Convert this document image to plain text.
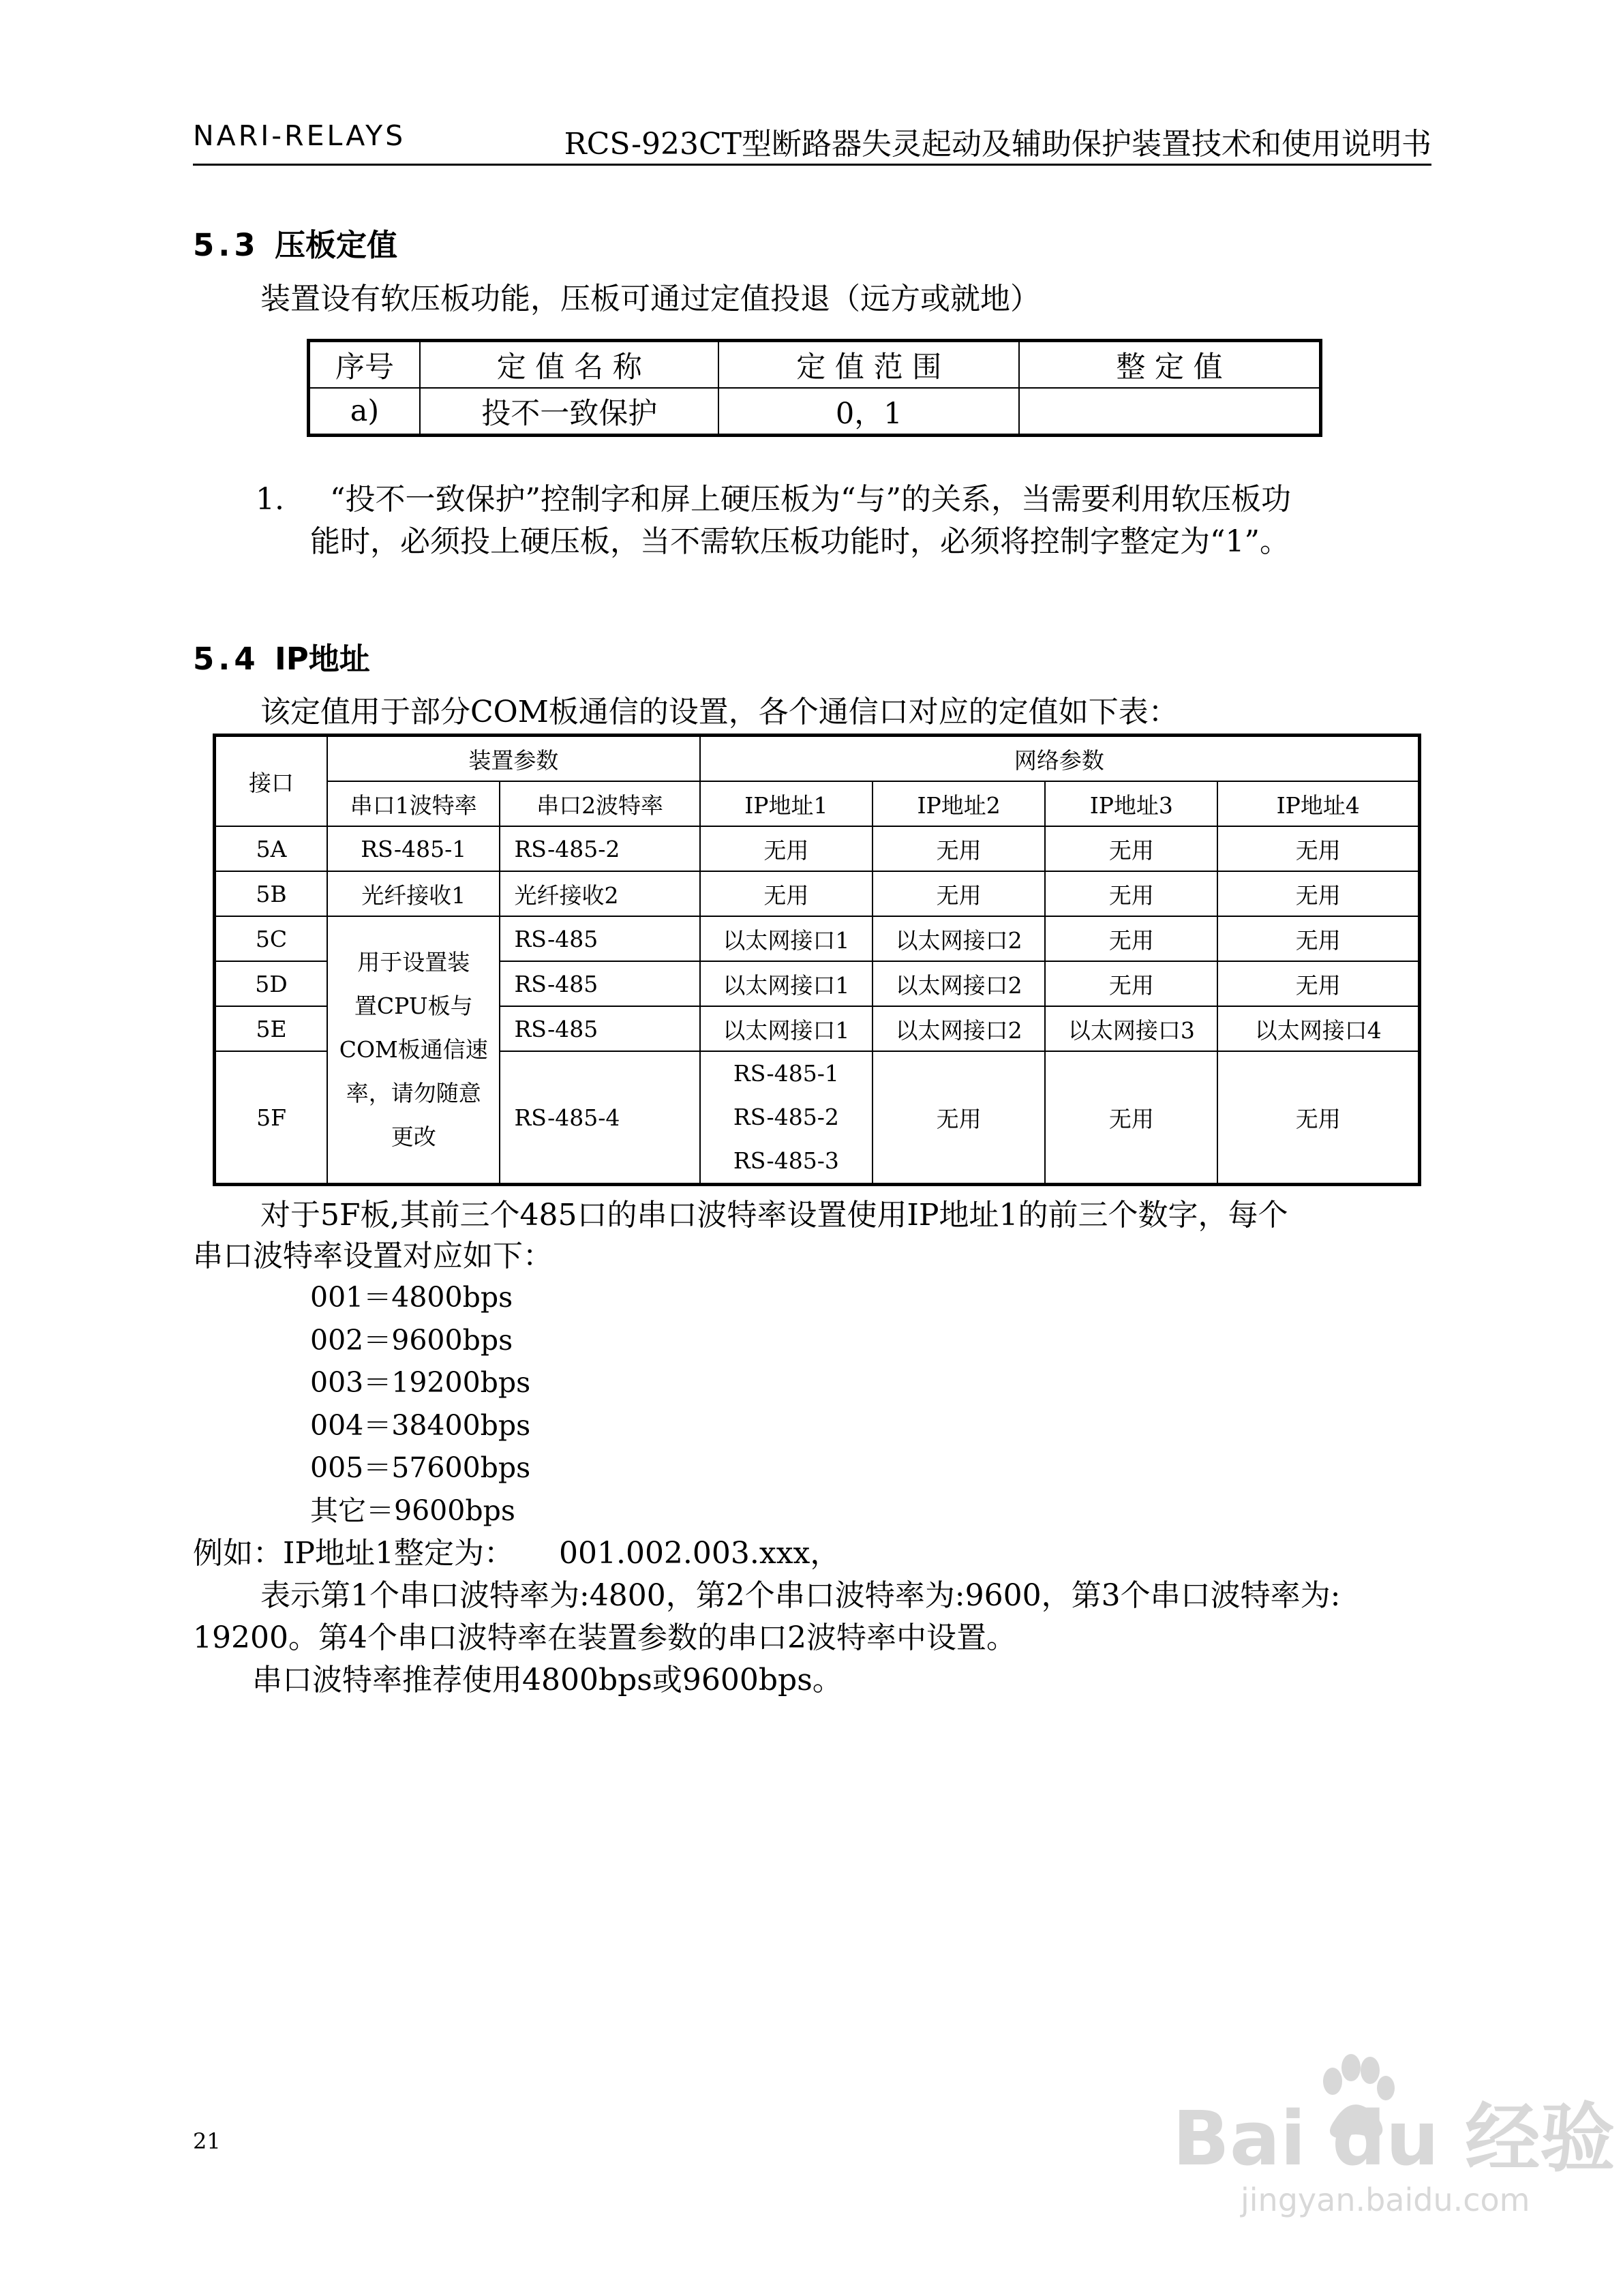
NARI-RELAYS	RCS-923CT型断路器失灵起动及辅助保护装置技术和使用说明书
5.3 压板定值
装置设有软压板功能，压板可通过定值投退（远方或就地）
序号	定 值 名 称	定 值 范 围	整 定 值
a)	投不一致保护	0，1	
1. “投不一致保护”控制字和屏上硬压板为“与”的关系，当需要利用软压板功
能时，必须投上硬压板，当不需软压板功能时，必须将控制字整定为“1”。
5.4 IP地址
该定值用于部分COM板通信的设置，各个通信口对应的定值如下表：
接口	装置参数		网络参数			
	串口1波特率	串口2波特率	IP地址1	IP地址2	IP地址3	IP地址4
5A	RS-485-1	RS-485-2	无用	无用	无用	无用
5B	光纤接收1	光纤接收2	无用	无用	无用	无用
5C	用于设置装
置CPU板与
COM板通信速
率，请勿随意
更改	RS-485	以太网接口1	以太网接口2	无用	无用
5D		RS-485	以太网接口1	以太网接口2	无用	无用
5E		RS-485	以太网接口1	以太网接口2	以太网接口3	以太网接口4
5F		RS-485-4	RS-485-1
RS-485-2
RS-485-3	无用	无用	无用
对于5F板,其前三个485口的串口波特率设置使用IP地址1的前三个数字，每个
串口波特率设置对应如下：
001＝4800bps
002＝9600bps
003＝19200bps
004＝38400bps
005＝57600bps
其它＝9600bps
例如：IP地址1整定为：　　001.002.003.xxx，
表示第1个串口波特率为:4800，第2个串口波特率为:9600，第3个串口波特率为:
19200。第4个串口波特率在装置参数的串口2波特率中设置。
串口波特率推荐使用4800bps或9600bps。
21	Bai du 经验
jingyan.baidu.com
